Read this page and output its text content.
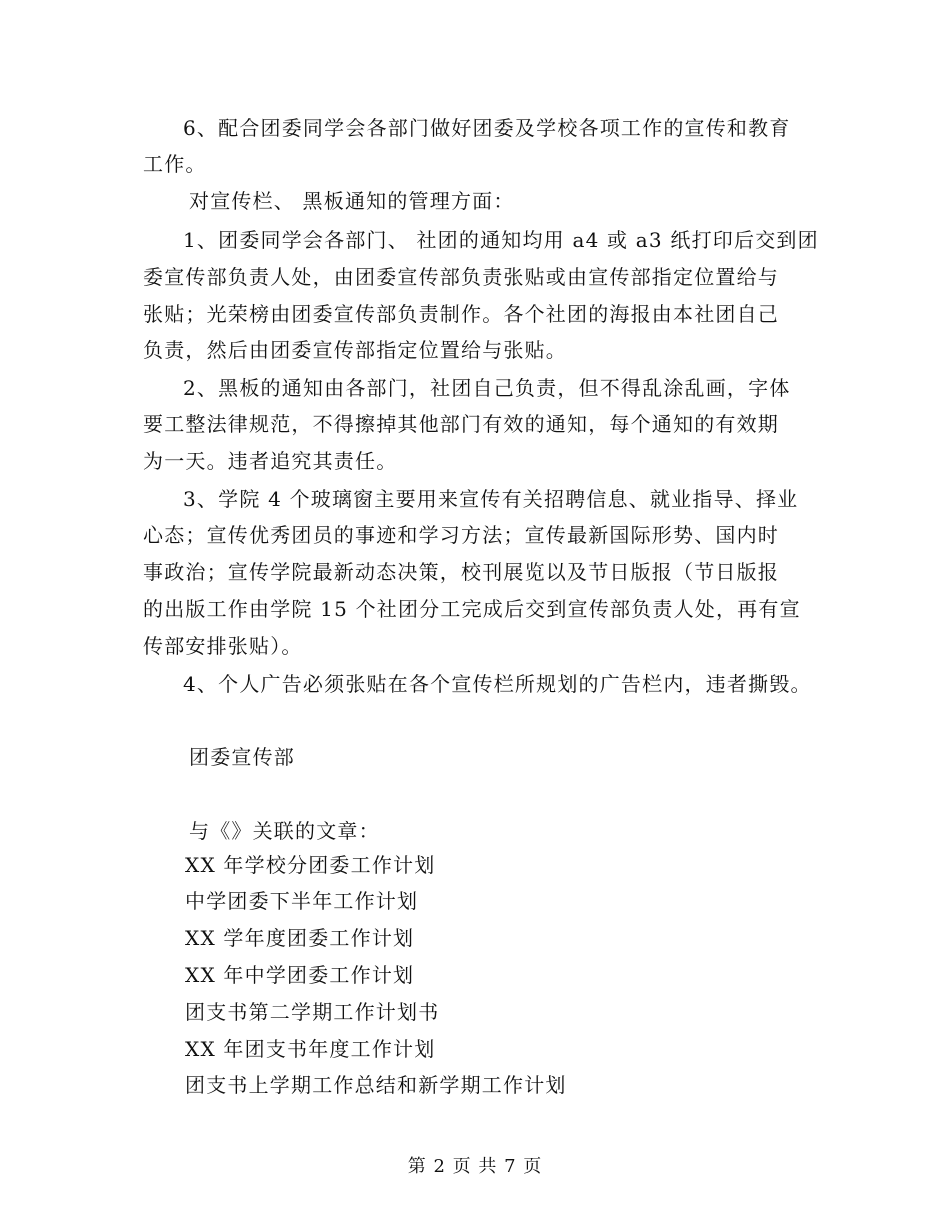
6、配合团委同学会各部门做好团委及学校各项工作的宣传和教育
工作。
对宣传栏、 黑板通知的管理方面：
1、团委同学会各部门、 社团的通知均用 a4 或 a3 纸打印后交到团
委宣传部负责人处，由团委宣传部负责张贴或由宣传部指定位置给与
张贴；光荣榜由团委宣传部负责制作。各个社团的海报由本社团自己
负责，然后由团委宣传部指定位置给与张贴。
2、黑板的通知由各部门，社团自己负责，但不得乱涂乱画，字体
要工整法律规范，不得擦掉其他部门有效的通知，每个通知的有效期
为一天。违者追究其责任。
3、学院 4 个玻璃窗主要用来宣传有关招聘信息、就业指导、择业
心态；宣传优秀团员的事迹和学习方法；宣传最新国际形势、国内时
事政治；宣传学院最新动态决策，校刊展览以及节日版报（节日版报
的出版工作由学院 15 个社团分工完成后交到宣传部负责人处，再有宣
传部安排张贴）。
4、个人广告必须张贴在各个宣传栏所规划的广告栏内，违者撕毁。
团委宣传部
与《》关联的文章：
XX 年学校分团委工作计划
中学团委下半年工作计划
XX 学年度团委工作计划
XX 年中学团委工作计划
团支书第二学期工作计划书
XX 年团支书年度工作计划
团支书上学期工作总结和新学期工作计划
第 2 页 共 7 页
